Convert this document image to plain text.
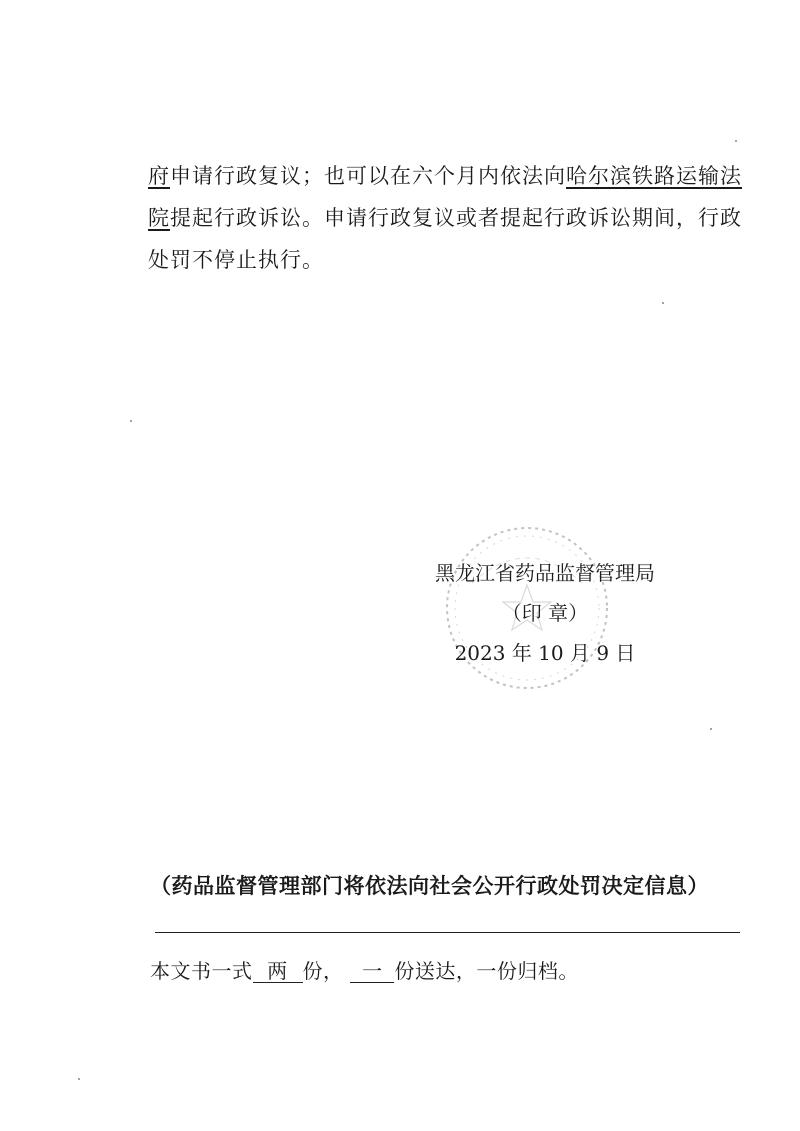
府申请行政复议；也可以在六个月内依法向哈尔滨铁路运输法
院提起行政诉讼。申请行政复议或者提起行政诉讼期间，行政
处罚不停止执行。
黑龙江省药品监督管理局
（印 章）
2023 年 10 月 9 日
（药品监督管理部门将依法向社会公开行政处罚决定信息）
本文书一式 两 份， 一 份送达，一份归档。
